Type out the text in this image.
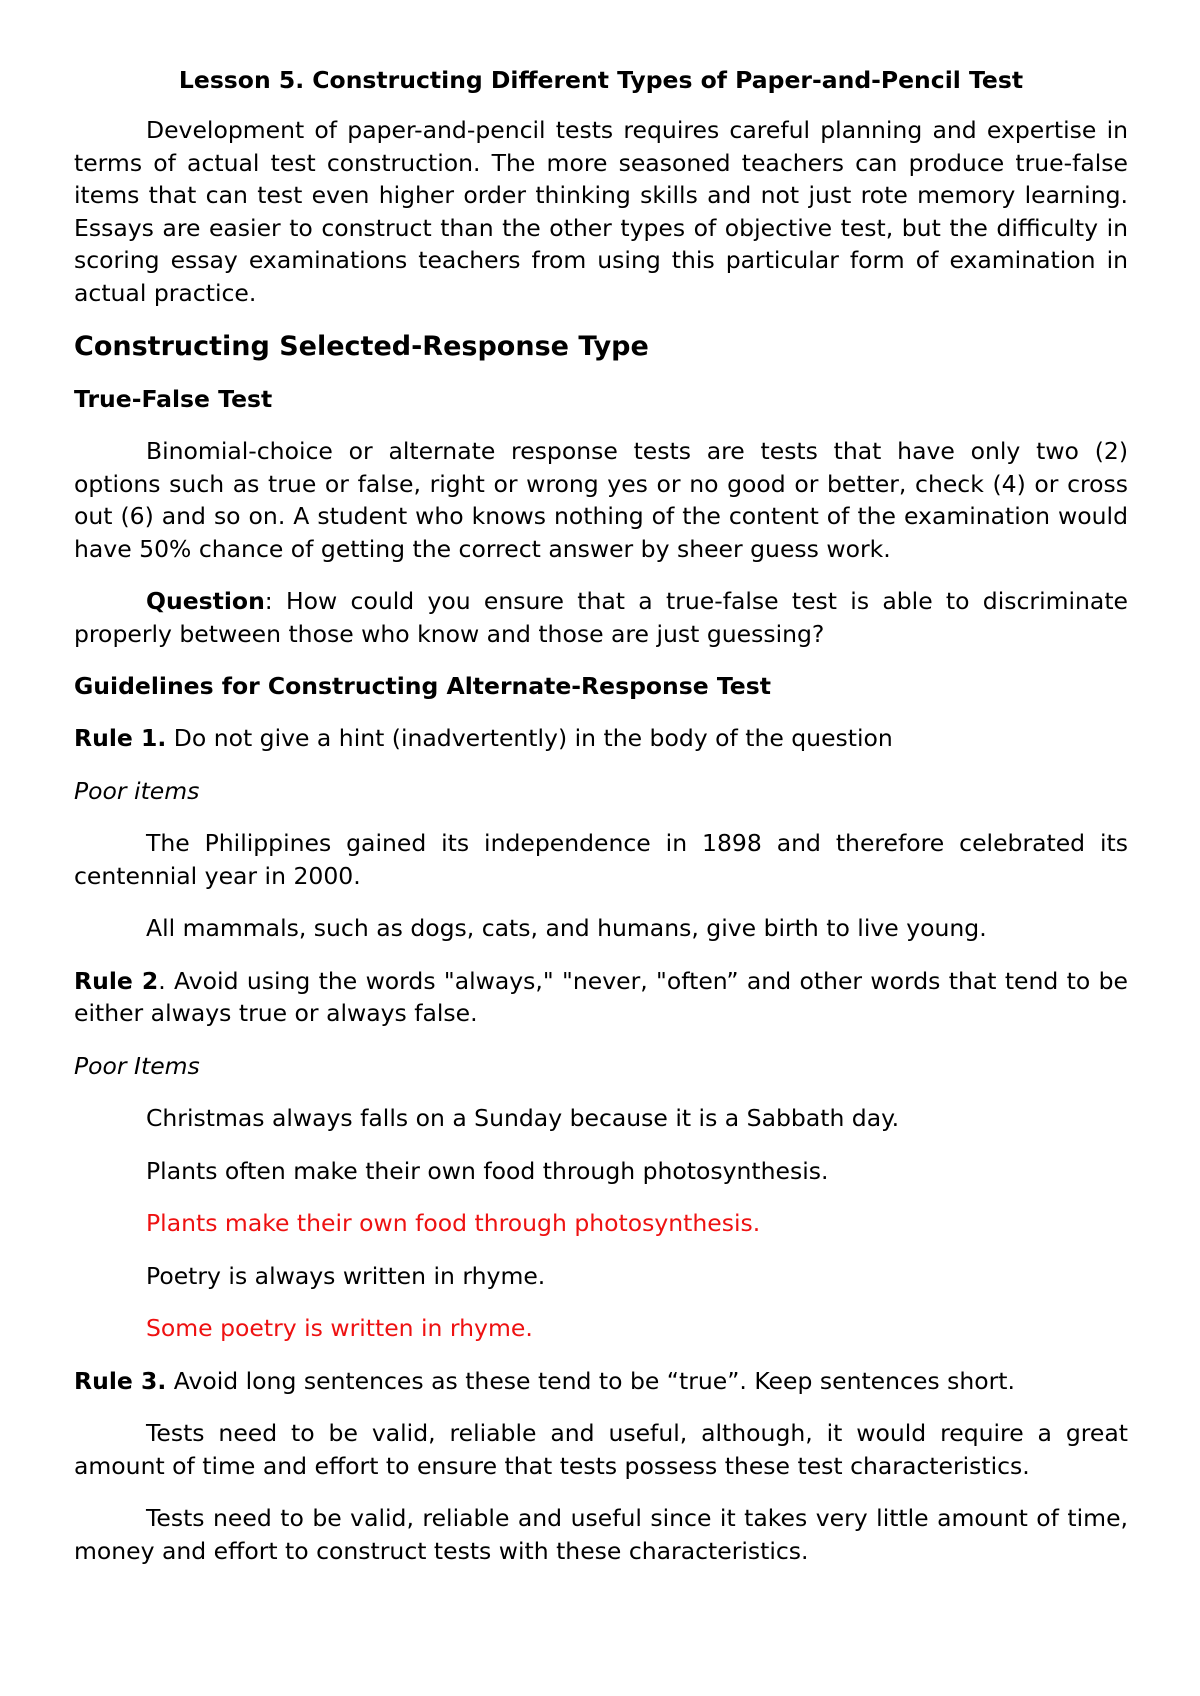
Lesson 5. Constructing Different Types of Paper-and-Pencil Test

Development of paper-and-pencil tests requires careful planning and expertise in terms of actual test construction. The more seasoned teachers can produce true-false items that can test even higher order thinking skills and not just rote memory learning. Essays are easier to construct than the other types of objective test, but the difficulty in scoring essay examinations teachers from using this particular form of examination in actual practice.

Constructing Selected-Response Type
True-False Test

Binomial-choice or alternate response tests are tests that have only two (2) options such as true or false, right or wrong yes or no good or better, check (4) or cross out (6) and so on. A student who knows nothing of the content of the examination would have 50% chance of getting the correct answer by sheer guess work.

Question: How could you ensure that a true-false test is able to discriminate properly between those who know and those are just guessing?

Guidelines for Constructing Alternate-Response Test

Rule 1. Do not give a hint (inadvertently) in the body of the question

Poor items

The Philippines gained its independence in 1898 and therefore celebrated its centennial year in 2000.

All mammals, such as dogs, cats, and humans, give birth to live young.

Rule 2. Avoid using the words "always," "never, "often” and other words that tend to be either always true or always false.

Poor Items

Christmas always falls on a Sunday because it is a Sabbath day.

Plants often make their own food through photosynthesis.

Plants make their own food through photosynthesis.

Poetry is always written in rhyme.

Some poetry is written in rhyme.

Rule 3. Avoid long sentences as these tend to be “true”. Keep sentences short.

Tests need to be valid, reliable and useful, although, it would require a great amount of time and effort to ensure that tests possess these test characteristics.

Tests need to be valid, reliable and useful since it takes very little amount of time, money and effort to construct tests with these characteristics.
